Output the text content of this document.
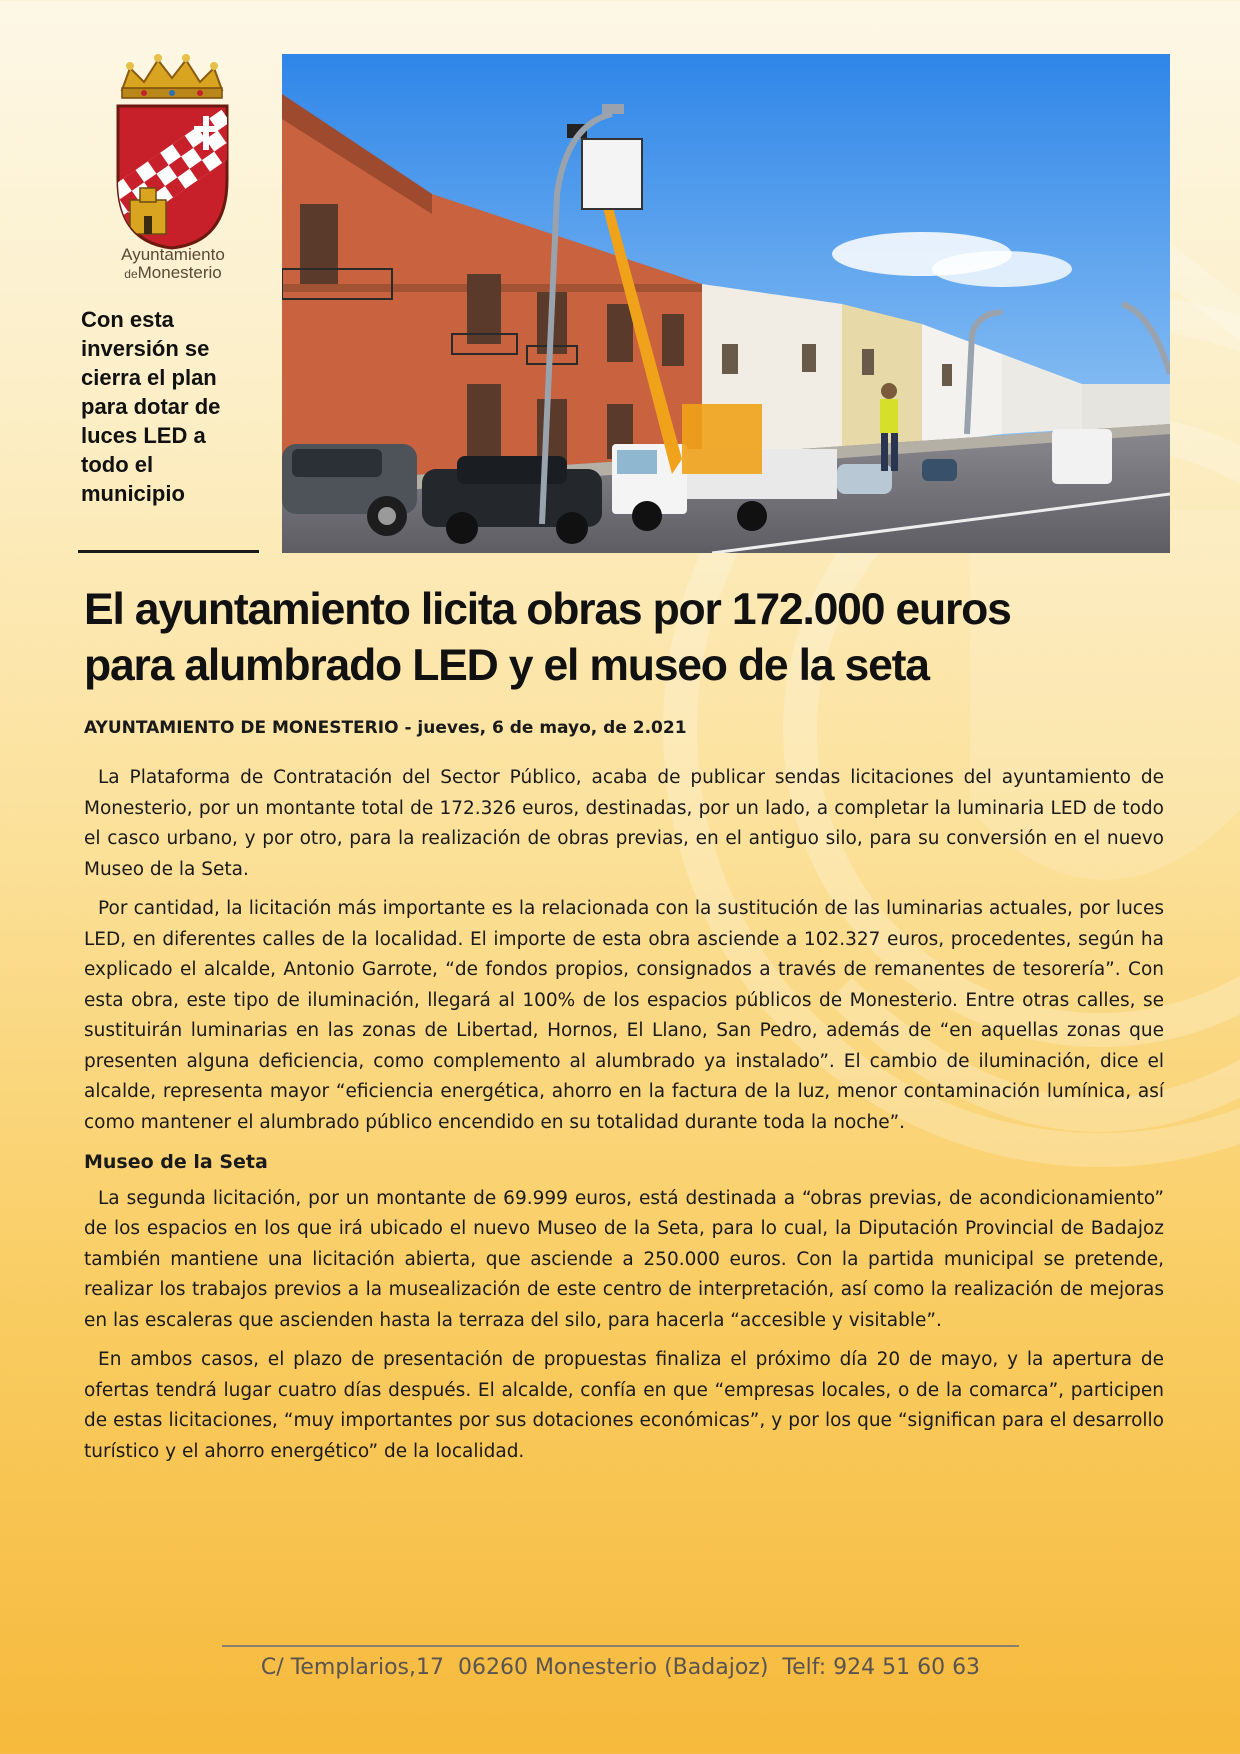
Ayuntamiento
deMonesterio
Con esta
inversión se
cierra el plan
para dotar de
luces LED a
todo el
municipio
El ayuntamiento licita obras por 172.000 euros
para alumbrado LED y el museo de la seta
AYUNTAMIENTO DE MONESTERIO - jueves, 6 de mayo, de 2.021

La Plataforma de Contratación del Sector Público, acaba de publicar sendas licitaciones del ayuntamiento de Monesterio, por un montante total de 172.326 euros, destinadas, por un lado, a completar la luminaria LED de todo el casco urbano, y por otro, para la realización de obras previas, en el antiguo silo, para su conversión en el nuevo Museo de la Seta.

Por cantidad, la licitación más importante es la relacionada con la sustitución de las luminarias actuales, por luces LED, en diferentes calles de la localidad. El importe de esta obra asciende a 102.327 euros, procedentes, según ha explicado el alcalde, Antonio Garrote, “de fondos propios, consignados a través de remanentes de tesorería”. Con esta obra, este tipo de iluminación, llegará al 100% de los espacios públicos de Monesterio. Entre otras calles, se sustituirán luminarias en las zonas de Libertad, Hornos, El Llano, San Pedro, además de “en aquellas zonas que presenten alguna deficiencia, como complemento al alumbrado ya instalado”. El cambio de iluminación, dice el alcalde, representa mayor “eficiencia energética, ahorro en la factura de la luz, menor contaminación lumínica, así como mantener el alumbrado público encendido en su totalidad durante toda la noche”.

Museo de la Seta

La segunda licitación, por un montante de 69.999 euros, está destinada a “obras previas, de acondicionamiento” de los espacios en los que irá ubicado el nuevo Museo de la Seta, para lo cual, la Diputación Provincial de Badajoz también mantiene una licitación abierta, que asciende a 250.000 euros. Con la partida municipal se pretende, realizar los trabajos previos a la musealización de este centro de interpretación, así como la realización de mejoras en las escaleras que ascienden hasta la terraza del silo, para hacerla “accesible y visitable”.

En ambos casos, el plazo de presentación de propuestas finaliza el próximo día 20 de mayo, y la apertura de ofertas tendrá lugar cuatro días después. El alcalde, confía en que “empresas locales, o de la comarca”, participen de estas licitaciones, “muy importantes por sus dotaciones económicas”, y por los que “significan para el desarrollo turístico y el ahorro energético” de la localidad.

C/ Templarios,17  06260 Monesterio (Badajoz)  Telf: 924 51 60 63
